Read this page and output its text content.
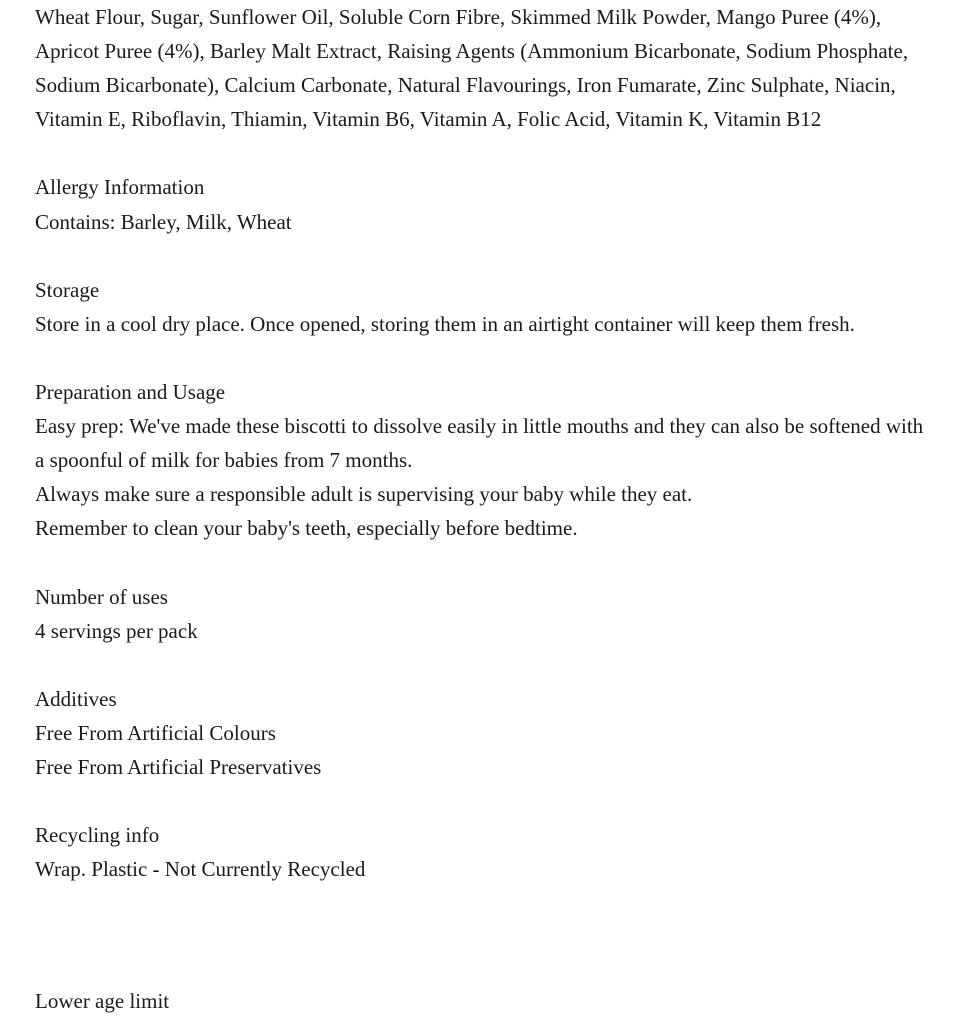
Wheat Flour, Sugar, Sunflower Oil, Soluble Corn Fibre, Skimmed Milk Powder, Mango Puree (4%), Apricot Puree (4%), Barley Malt Extract, Raising Agents (Ammonium Bicarbonate, Sodium Phosphate, Sodium Bicarbonate), Calcium Carbonate, Natural Flavourings, Iron Fumarate, Zinc Sulphate, Niacin, Vitamin E, Riboflavin, Thiamin, Vitamin B6, Vitamin A, Folic Acid, Vitamin K, Vitamin B12
Allergy Information
Contains: Barley, Milk, Wheat
Storage
Store in a cool dry place. Once opened, storing them in an airtight container will keep them fresh.
Preparation and Usage
Easy prep: We've made these biscotti to dissolve easily in little mouths and they can also be softened with a spoonful of milk for babies from 7 months.
Always make sure a responsible adult is supervising your baby while they eat.
Remember to clean your baby's teeth, especially before bedtime.
Number of uses
4 servings per pack
Additives
Free From Artificial Colours
Free From Artificial Preservatives
Recycling info
Wrap. Plastic - Not Currently Recycled
Lower age limit
